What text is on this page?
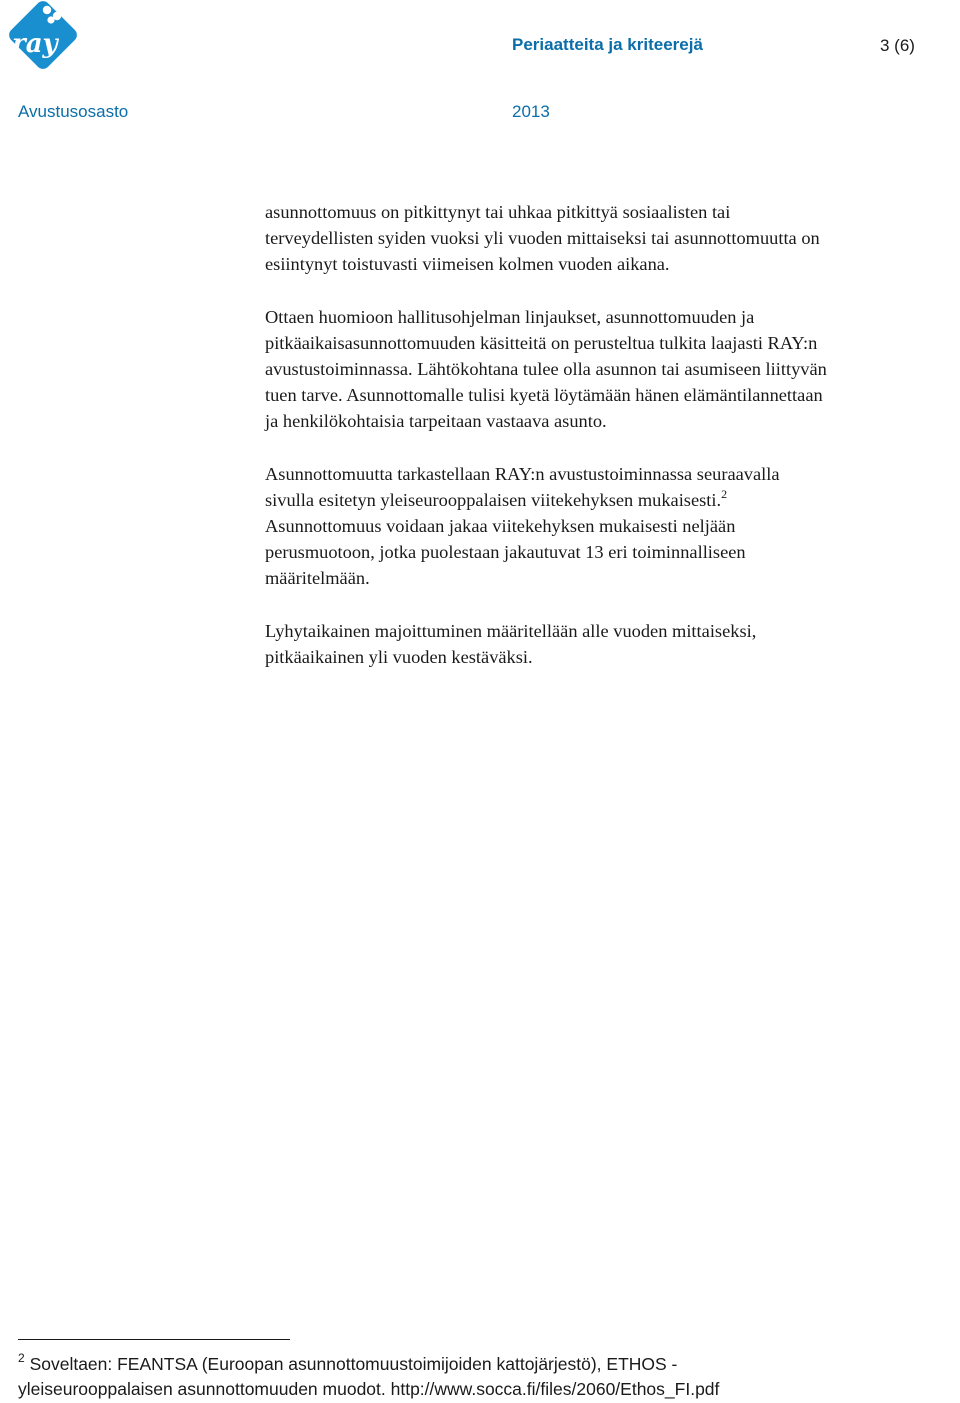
ray	Periaatteita ja kriteerejä	3 (6)
Avustusosasto	2013

asunnottomuus on pitkittynyt tai uhkaa pitkittyä sosiaalisten tai
terveydellisten syiden vuoksi yli vuoden mittaiseksi tai asunnottomuutta on
esiintynyt toistuvasti viimeisen kolmen vuoden aikana.

Ottaen huomioon hallitusohjelman linjaukset, asunnottomuuden ja
pitkäaikaisasunnottomuuden käsitteitä on perusteltua tulkita laajasti RAY:n
avustustoiminnassa. Lähtökohtana tulee olla asunnon tai asumiseen liittyvän
tuen tarve. Asunnottomalle tulisi kyetä löytämään hänen elämäntilannettaan
ja henkilökohtaisia tarpeitaan vastaava asunto.

Asunnottomuutta tarkastellaan RAY:n avustustoiminnassa seuraavalla
sivulla esitetyn yleiseurooppalaisen viitekehyksen mukaisesti.$^2$
Asunnottomuus voidaan jakaa viitekehyksen mukaisesti neljään
perusmuotoon, jotka puolestaan jakautuvat 13 eri toiminnalliseen
määritelmään.

Lyhytaikainen majoittuminen määritellään alle vuoden mittaiseksi,
pitkäaikainen yli vuoden kestäväksi.

$^2$ Soveltaen: FEANTSA (Euroopan asunnottomuustoimijoiden kattojärjestö), ETHOS -
yleiseurooppalaisen asunnottomuuden muodot. http://www.socca.fi/files/2060/Ethos_FI.pdf
